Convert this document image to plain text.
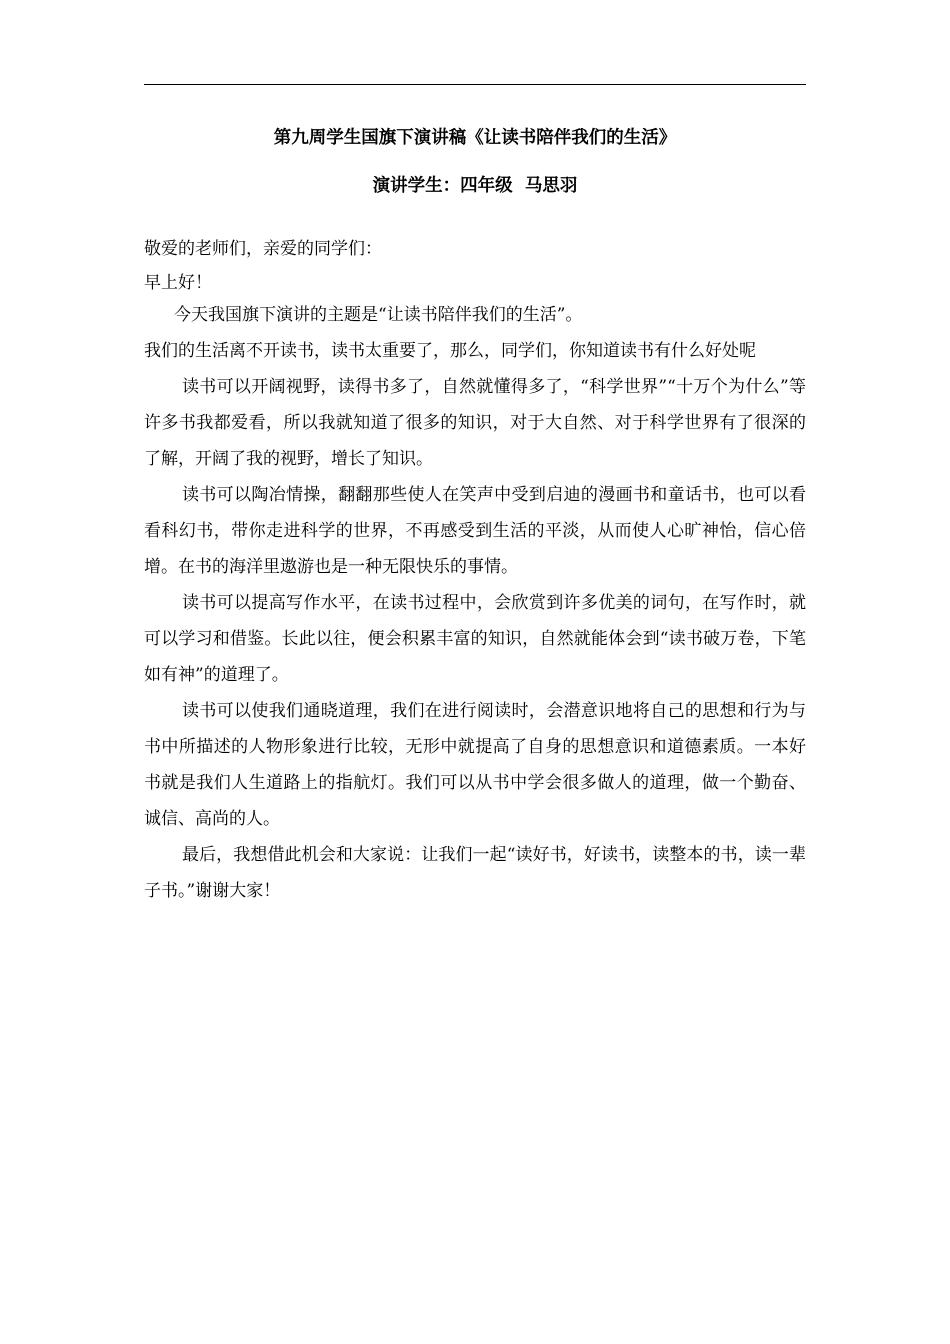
第九周学生国旗下演讲稿《让读书陪伴我们的生活》
演讲学生：四年级  马思羽
敬爱的老师们，亲爱的同学们：
早上好！
今天我国旗下演讲的主题是“让读书陪伴我们的生活”。
我们的生活离不开读书，读书太重要了，那么，同学们，你知道读书有什么好处呢

读书可以开阔视野，读得书多了，自然就懂得多了，“科学世界”“十万个为什么”等许多书我都爱看，所以我就知道了很多的知识，对于大自然、对于科学世界有了很深的了解，开阔了我的视野，增长了知识。

读书可以陶冶情操，翻翻那些使人在笑声中受到启迪的漫画书和童话书，也可以看看科幻书，带你走进科学的世界，不再感受到生活的平淡，从而使人心旷神怡，信心倍增。在书的海洋里遨游也是一种无限快乐的事情。

读书可以提高写作水平，在读书过程中，会欣赏到许多优美的词句，在写作时，就可以学习和借鉴。长此以往，便会积累丰富的知识，自然就能体会到“读书破万卷，下笔如有神”的道理了。

读书可以使我们通晓道理，我们在进行阅读时，会潜意识地将自己的思想和行为与书中所描述的人物形象进行比较，无形中就提高了自身的思想意识和道德素质。一本好书就是我们人生道路上的指航灯。我们可以从书中学会很多做人的道理，做一个勤奋、诚信、高尚的人。

最后，我想借此机会和大家说：让我们一起“读好书，好读书，读整本的书，读一辈子书。”谢谢大家！
